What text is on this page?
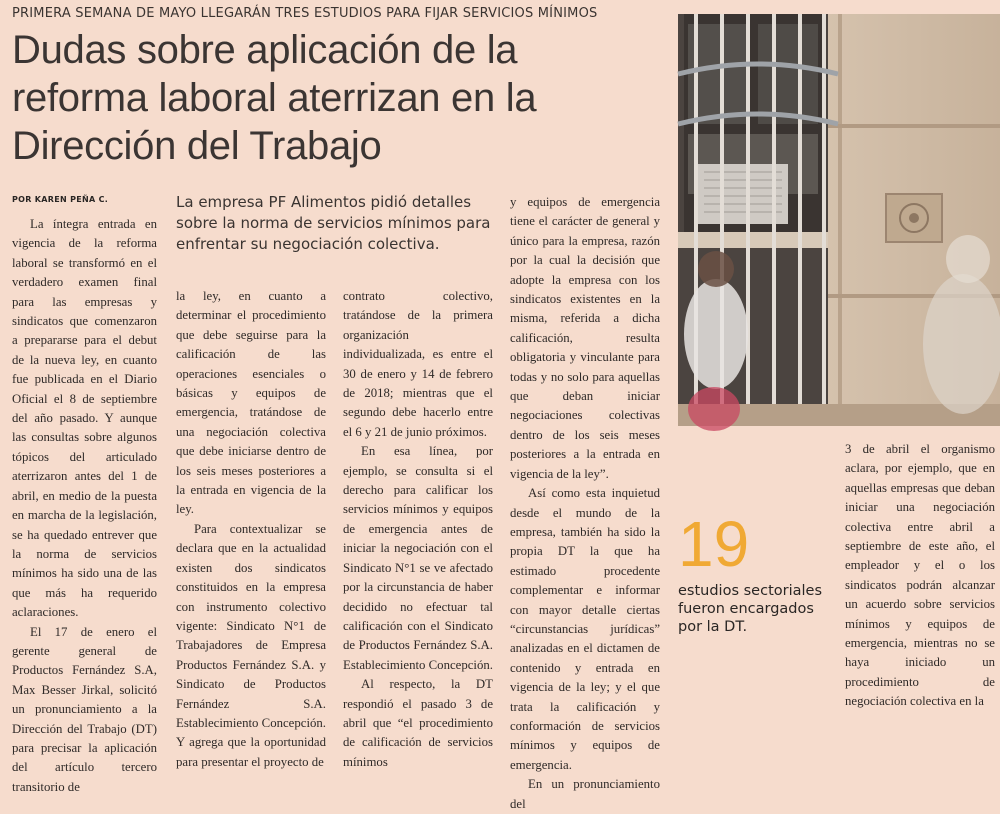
PRIMERA SEMANA DE MAYO LLEGARÁN TRES ESTUDIOS PARA FIJAR SERVICIOS MÍNIMOS
Dudas sobre aplicación de la reforma laboral aterrizan en la Dirección del Trabajo
POR KAREN PEÑA C.

La íntegra entrada en vigencia de la reforma laboral se transformó en el verdadero examen final para las empresas y sindicatos que comenzaron a prepararse para el debut de la nueva ley, en cuanto fue publicada en el Diario Oficial el 8 de septiembre del año pasado. Y aunque las consultas sobre algunos tópicos del articulado aterrizaron antes del 1 de abril, en medio de la puesta en marcha de la legislación, se ha quedado entrever que la norma de servicios mínimos ha sido una de las que más ha requerido aclaraciones.

El 17 de enero el gerente general de Productos Fernández S.A, Max Besser Jirkal, solicitó un pronunciamiento a la Dirección del Trabajo (DT) para precisar la aplicación del artículo tercero transitorio de

La empresa PF Alimentos pidió detalles sobre la norma de servicios mínimos para enfrentar su negociación colectiva.

la ley, en cuanto a determinar el procedimiento que debe seguirse para la calificación de las operaciones esenciales o básicas y equipos de emergencia, tratándose de una negociación colectiva que debe iniciarse dentro de los seis meses posteriores a la entrada en vigencia de la ley.

Para contextualizar se declara que en la actualidad existen dos sindicatos constituidos en la empresa con instrumento colectivo vigente: Sindicato N°1 de Trabajadores de Empresa Productos Fernández S.A. y Sindicato de Productos Fernández S.A. Establecimiento Concepción. Y agrega que la oportunidad para presentar el proyecto de

contrato colectivo, tratándose de la primera organización individualizada, es entre el 30 de enero y 14 de febrero de 2018; mientras que el segundo debe hacerlo entre el 6 y 21 de junio próximos.

En esa línea, por ejemplo, se consulta si el derecho para calificar los servicios mínimos y equipos de emergencia antes de iniciar la negociación con el Sindicato N°1 se ve afectado por la circunstancia de haber decidido no efectuar tal calificación con el Sindicato de Productos Fernández S.A. Establecimiento Concepción.

Al respecto, la DT respondió el pasado 3 de abril que “el procedimiento de calificación de servicios mínimos

y equipos de emergencia tiene el carácter de general y único para la empresa, razón por la cual la decisión que adopte la empresa con los sindicatos existentes en la misma, referida a dicha calificación, resulta obligatoria y vinculante para todas y no solo para aquellas que deban iniciar negociaciones colectivas dentro de los seis meses posteriores a la entrada en vigencia de la ley”.

Así como esta inquietud desde el mundo de la empresa, también ha sido la propia DT la que ha estimado procedente complementar e informar con mayor detalle ciertas “circunstancias jurídicas” analizadas en el dictamen de contenido y entrada en vigencia de la ley; y el que trata la calificación y conformación de servicios mínimos y equipos de emergencia.

En un pronunciamiento del

19
estudios sectoriales fueron encargados por la DT.

3 de abril el organismo aclara, por ejemplo, que en aquellas empresas que deban iniciar una negociación colectiva entre abril a septiembre de este año, el empleador y el o los sindicatos podrán alcanzar un acuerdo sobre servicios mínimos y equipos de emergencia, mientras no se haya iniciado un procedimiento de negociación colectiva en la
